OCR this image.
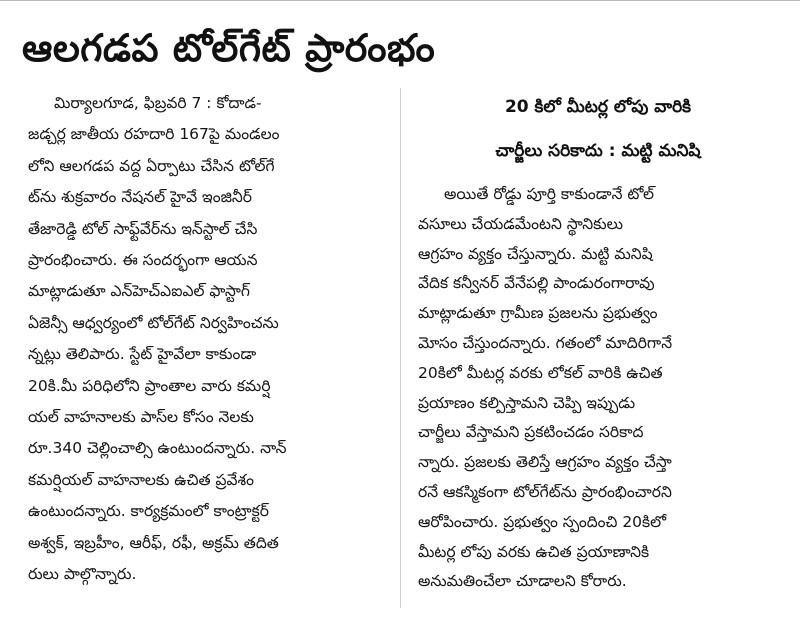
ఆలగడప టోల్‌గేట్ ప్రారంభం
మిర్యాలగూడ, ఫిబ్రవరి 7 : కోదాడ-
జడ్చర్ల జాతీయ రహదారి 167పై మండలం
లోని ఆలగడప వద్ద ఏర్పాటు చేసిన టోల్‌గే
ట్‌ను శుక్రవారం నేషనల్ హైవే ఇంజినీర్
తేజారెడ్డి టోల్ సాఫ్ట్‌వేర్‌ను ఇన్‌స్టాల్ చేసి
ప్రారంభించారు. ఈ సందర్భంగా ఆయన
మాట్లాడుతూ ఎన్‌హెచ్‌ఎఐఎల్ ఫాస్టాగ్
ఏజెన్సీ ఆధ్వర్యంలో టోల్‌గేట్ నిర్వహించను
న్నట్లు తెలిపారు. స్టేట్ హైవేలా కాకుండా
20కి.మీ పరిధిలోని ప్రాంతాల వారు కమర్షి
యల్ వాహనాలకు పాస్‌ల కోసం నెలకు
రూ.340 చెల్లించాల్సి ఉంటుందన్నారు. నాన్
కమర్షియల్ వాహనాలకు ఉచిత ప్రవేశం
ఉంటుందన్నారు. కార్యక్రమంలో కాంట్రాక్టర్
అశ్వక్, ఇబ్రహీం, ఆరీఫ్, రఫీ, అక్రమ్ తదిత
రులు పాల్గొన్నారు.
20 కిలో మీటర్ల లోపు వారికి
చార్జీలు సరికాదు : మట్టి మనిషి
అయితే రోడ్డు పూర్తి కాకుండానే టోల్
వసూలు చేయడమేంటని స్థానికులు
ఆగ్రహం వ్యక్తం చేస్తున్నారు. మట్టి మనిషి
వేదిక కన్వీనర్ వేనేపల్లి పాండురంగారావు
మాట్లాడుతూ గ్రామీణ ప్రజలను ప్రభుత్వం
మోసం చేస్తుందన్నారు. గతంలో మాదిరిగానే
20కిలో మీటర్ల వరకు లోకల్ వారికి ఉచిత
ప్రయాణం కల్పిస్తామని చెప్పి ఇప్పుడు
చార్జీలు వేస్తామని ప్రకటించడం సరికాద
న్నారు. ప్రజలకు తెలిస్తే ఆగ్రహం వ్యక్తం చేస్తా
రనే ఆకస్మికంగా టోల్‌గేట్‌ను ప్రారంభించారని
ఆరోపించారు. ప్రభుత్వం స్పందించి 20కిలో
మీటర్ల లోపు వరకు ఉచిత ప్రయాణానికి
అనుమతించేలా చూడాలని కోరారు.
